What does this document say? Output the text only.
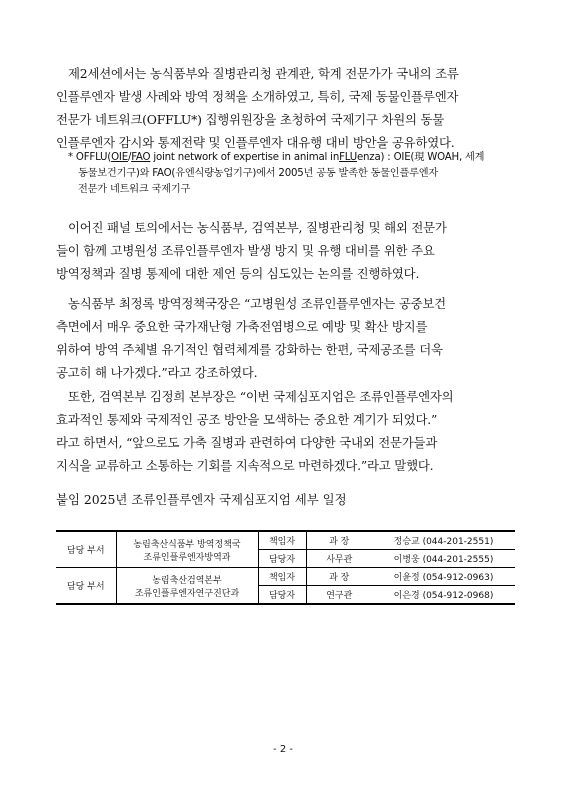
제2세션에서는 농식품부와 질병관리청 관계관, 학계 전문가가 국내의 조류
인플루엔자 발생 사례와 방역 정책을 소개하였고, 특히, 국제 동물인플루엔자
전문가 네트워크(OFFLU*) 집행위원장을 초청하여 국제기구 차원의 동물
인플루엔자 감시와 통제전략 및 인플루엔자 대유행 대비 방안을 공유하였다.
* OFFLU(OIE/FAO joint network of expertise in animal inFLUenza) : OIE(現 WOAH, 세계
동물보건기구)와 FAO(유엔식량농업기구)에서 2005년 공동 발족한 동물인플루엔자
전문가 네트워크 국제기구
이어진 패널 토의에서는 농식품부, 검역본부, 질병관리청 및 해외 전문가
들이 함께 고병원성 조류인플루엔자 발생 방지 및 유행 대비를 위한 주요
방역정책과 질병 통제에 대한 제언 등의 심도있는 논의를 진행하였다.
농식품부 최정록 방역정책국장은 “고병원성 조류인플루엔자는 공중보건
측면에서 매우 중요한 국가재난형 가축전염병으로 예방 및 확산 방지를
위하여 방역 주체별 유기적인 협력체계를 강화하는 한편, 국제공조를 더욱
공고히 해 나가겠다.”라고 강조하였다.
또한, 검역본부 김정희 본부장은 “이번 국제심포지엄은 조류인플루엔자의
효과적인 통제와 국제적인 공조 방안을 모색하는 중요한 계기가 되었다.”
라고 하면서, “앞으로도 가축 질병과 관련하여 다양한 국내외 전문가들과
지식을 교류하고 소통하는 기회를 지속적으로 마련하겠다.”라고 말했다.
붙임 2025년 조류인플루엔자 국제심포지엄 세부 일정
담당 부서	농림축산식품부 방역정책국
조류인플루엔자방역과	책임자	과 장	정승교 (044-201-2551)
		담당자	사무관	이병웅 (044-201-2555)
담당 부서	농림축산검역본부
조류인플루엔자연구진단과	책임자	과 장	이윤정 (054-912-0963)
		담당자	연구관	이은경 (054-912-0968)
- 2 -
